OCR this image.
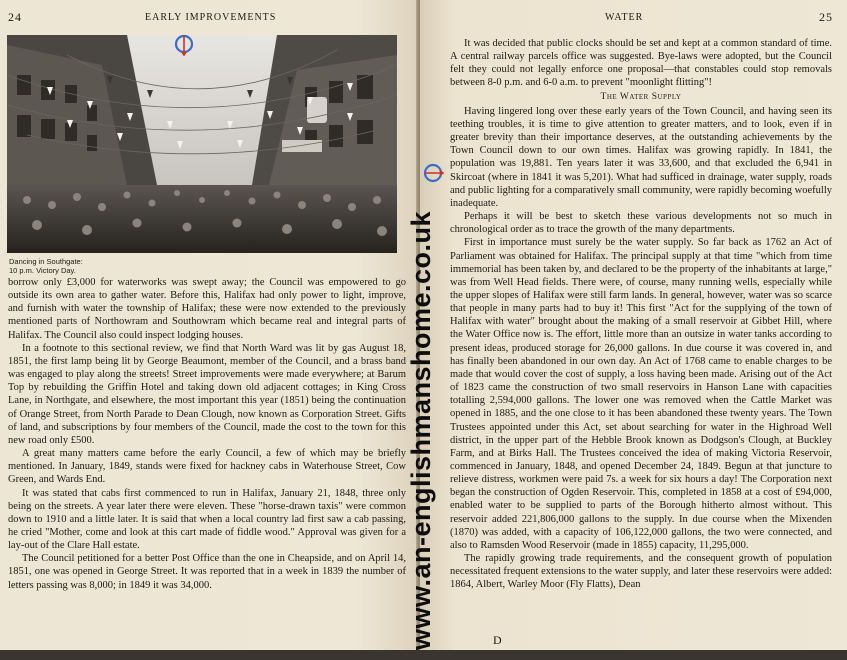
24	EARLY IMPROVEMENTS
Dancing in Southgate:
10 p.m. Victory Day.

borrow only £3,000 for waterworks was swept away; the Council was empowered to go outside its own area to gather water. Before this, Halifax had only power to light, improve, and furnish with water the township of Halifax; these were now extended to the previously mentioned parts of Northowram and Southowram which became real and integral parts of Halifax. The Council also could inspect lodging houses.

In a footnote to this sectional review, we find that North Ward was lit by gas August 18, 1851, the first lamp being lit by George Beaumont, member of the Council, and a brass band was engaged to play along the streets! Street improvements were made everywhere; at Barum Top by rebuilding the Griffin Hotel and taking down old adjacent cottages; in King Cross Lane, in Northgate, and elsewhere, the most important this year (1851) being the continuation of Orange Street, from North Parade to Dean Clough, now known as Corporation Street. Gifts of land, and subscriptions by four members of the Council, made the cost to the town for this new road only £500.

A great many matters came before the early Council, a few of which may be briefly mentioned. In January, 1849, stands were fixed for hackney cabs in Waterhouse Street, Cow Green, and Wards End.

It was stated that cabs first commenced to run in Halifax, January 21, 1848, three only being on the streets. A year later there were eleven. These "horse-drawn taxis" were common down to 1910 and a little later. It is said that when a local country lad first saw a cab passing, he cried "Mother, come and look at this cart made of fiddle wood." Approval was given for a lay-out of the Clare Hall estate.

The Council petitioned for a better Post Office than the one in Cheapside, and on April 14, 1851, one was opened in George Street. It was reported that in a week in 1839 the number of letters passing was 8,000; in 1849 it was 34,000.

WATER	25

It was decided that public clocks should be set and kept at a common standard of time. A central railway parcels office was suggested. Bye-laws were adopted, but the Council felt they could not legally enforce one proposal—that constables could stop removals between 8-0 p.m. and 6-0 a.m. to prevent "moonlight flitting"!

The Water Supply

Having lingered long over these early years of the Town Council, and having seen its teething troubles, it is time to give attention to greater matters, and to look, even if in greater brevity than their importance deserves, at the outstanding achievements by the Town Council down to our own times. Halifax was growing rapidly. In 1841, the population was 19,881. Ten years later it was 33,600, and that excluded the 6,941 in Skircoat (where in 1841 it was 5,201). What had sufficed in drainage, water supply, roads and public lighting for a comparatively small community, were rapidly becoming woefully inadequate.

Perhaps it will be best to sketch these various developments not so much in chronological order as to trace the growth of the many departments.

First in importance must surely be the water supply. So far back as 1762 an Act of Parliament was obtained for Halifax. The principal supply at that time "which from time immemorial has been taken by, and declared to be the property of the inhabitants at large," was from Well Head fields. There were, of course, many running wells, especially while the upper slopes of Halifax were still farm lands. In general, however, water was so scarce that people in many parts had to buy it! This first "Act for the supplying of the town of Halifax with water" brought about the making of a small reservoir at Gibbet Hill, where the Water Office now is. The effort, little more than an outsize in water tanks according to present ideas, produced storage for 26,000 gallons. In due course it was covered in, and has finally been abandoned in our own day. An Act of 1768 came to enable charges to be made that would cover the cost of supply, a loss having been made. Arising out of the Act of 1823 came the construction of two small reservoirs in Hanson Lane with capacities totalling 2,594,000 gallons. The lower one was removed when the Cattle Market was opened in 1885, and the one close to it has been abandoned these twenty years. The Town Trustees appointed under this Act, set about searching for water in the Highroad Well district, in the upper part of the Hebble Brook known as Dodgson's Clough, at Buckley Farm, and at Birks Hall. The Trustees conceived the idea of making Victoria Reservoir, commenced in January, 1848, and opened December 24, 1849. Begun at that juncture to relieve distress, workmen were paid 7s. a week for six hours a day! The Corporation next began the construction of Ogden Reservoir. This, completed in 1858 at a cost of £94,000, enabled water to be supplied to parts of the Borough hitherto almost without. This reservoir added 221,806,000 gallons to the supply. In due course when the Mixenden (1870) was added, with a capacity of 106,122,000 gallons, the two were connected, and also to Ramsden Wood Reservoir (made in 1855) capacity, 11,295,000.

The rapidly growing trade requirements, and the consequent growth of population necessitated frequent extensions to the water supply, and later these reservoirs were added: 1864, Albert, Warley Moor (Fly Flatts), Dean

D
www.an-englishmanshome.co.uk
